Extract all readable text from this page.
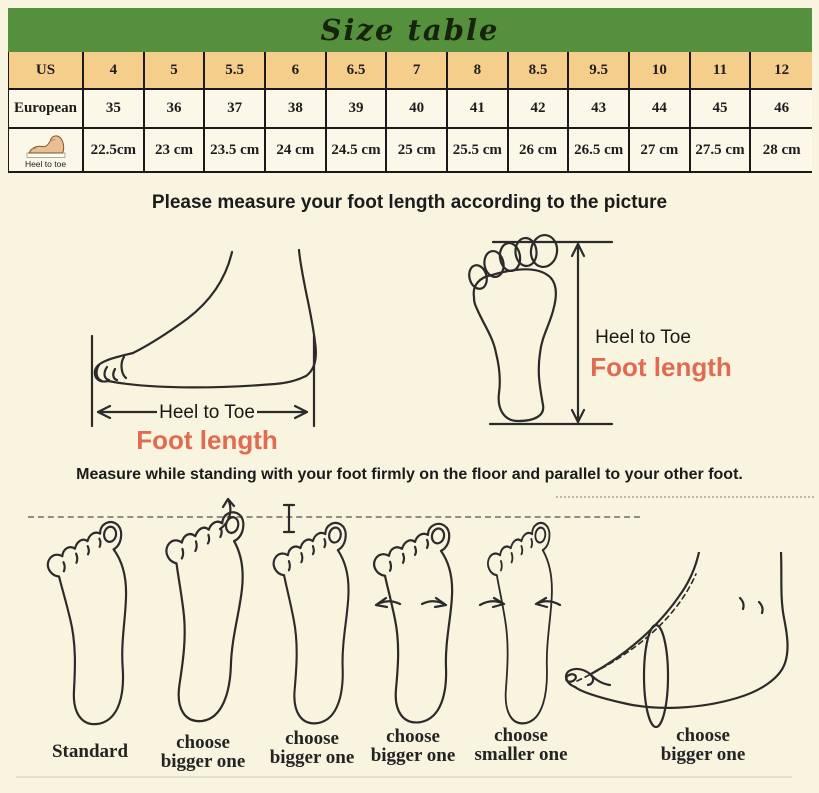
Size table
US	4	5	5.5	6	6.5	7	8	8.5	9.5	10	11	12
European	35	36	37	38	39	40	41	42	43	44	45	46
Heel to toe
22.5cm	23 cm	23.5 cm	24 cm	24.5 cm	25 cm	25.5 cm	26 cm	26.5 cm	27 cm	27.5 cm	28 cm
Please measure your foot length according to the picture
Measure while standing with your foot firmly on the floor and parallel to your other foot.
Heel to Toe
Foot length
Heel to Toe
Foot length
Standard	choose
bigger one
choose
bigger one
choose
bigger one
choose
smaller one
choose
bigger one
